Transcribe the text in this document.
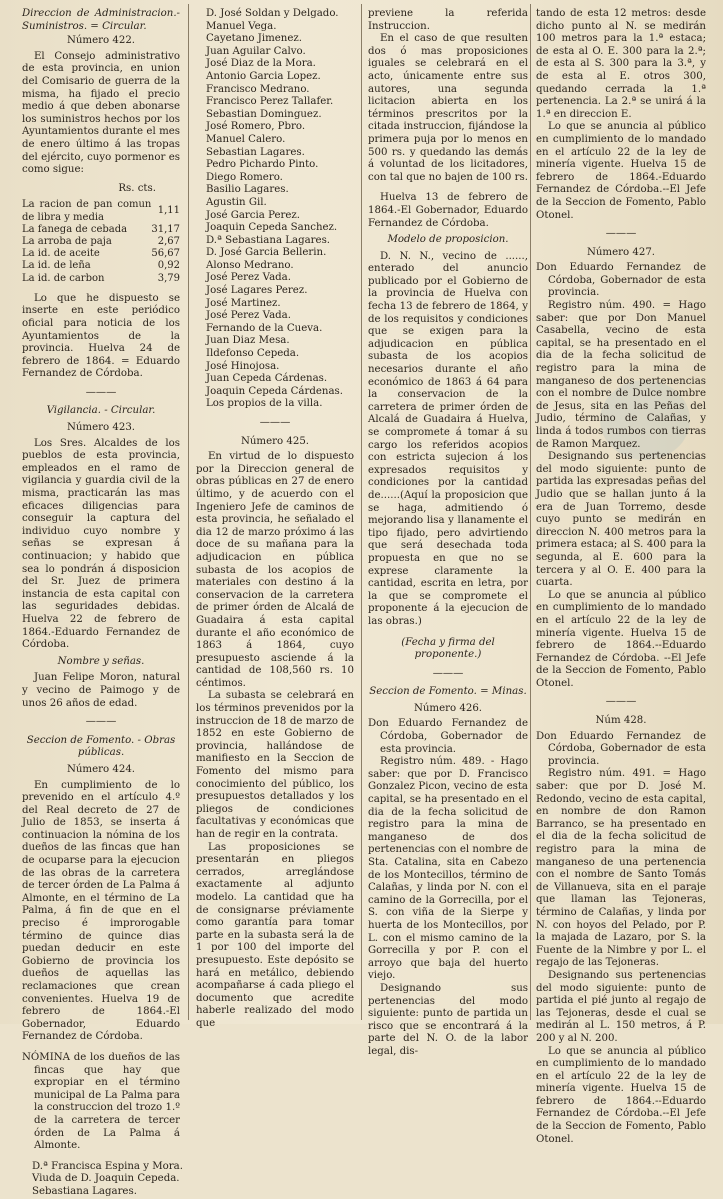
Direccion de Administracion.-Suministros. = Circular.

Número 422.

El Consejo administrativo de esta provincia, en union del Comisario de guerra de la misma, ha fijado el precio medio á que deben abonarse los suministros hechos por los Ayuntamientos durante el mes de enero último á las tropas del ejército, cuyo pormenor es como sigue:

Rs. cts.

La racion de pan comun de libra y media	1,11
La fanega de cebada	31,17
La arroba de paja	2,67
La id. de aceite	56,67
La id. de leña	0,92
La id. de carbon	3,79

Lo que he dispuesto se inserte en este periódico oficial para noticia de los Ayuntamientos de la provincia. Huelva 24 de febrero de 1864. = Eduardo Fernandez de Córdoba.

———

Vigilancia. - Circular.

Número 423.

Los Sres. Alcaldes de los pueblos de esta provincia, empleados en el ramo de vigilancia y guardia civil de la misma, practicarán las mas eficaces diligencias para conseguir la captura del individuo cuyo nombre y señas se expresan á continuacion; y habido que sea lo pondrán á disposicion del Sr. Juez de primera instancia de esta capital con las seguridades debidas. Huelva 22 de febrero de 1864.-Eduardo Fernandez de Córdoba.

Nombre y señas.

Juan Felipe Moron, natural y vecino de Paimogo y de unos 26 años de edad.

———

Seccion de Fomento. - Obras públicas.

Número 424.

En cumplimiento de lo prevenido en el artículo 4.º del Real decreto de 27 de Julio de 1853, se inserta á continuacion la nómina de los dueños de las fincas que han de ocuparse para la ejecucion de las obras de la carretera de tercer órden de La Palma á Almonte, en el término de La Palma, á fin de que en el preciso é improrogable término de quince dias puedan deducir en este Gobierno de provincia los dueños de aquellas las reclamaciones que crean convenientes. Huelva 19 de febrero de 1864.-El Gobernador, Eduardo Fernandez de Córdoba.

NÓMINA de los dueños de las fincas que hay que expropiar en el término municipal de La Palma para la construccion del trozo 1.º de la carretera de tercer órden de La Palma á Almonte.

D.ª Francisca Espina y Mora.

Viuda de D. Joaquin Cepeda.

Sebastiana Lagares.

D. José Soldan y Delgado.

Manuel Vega.

Cayetano Jimenez.

Juan Aguilar Calvo.

José Diaz de la Mora.

Antonio Garcia Lopez.

Francisco Medrano.

Francisco Perez Tallafer.

Sebastian Dominguez.

José Romero, Pbro.

Manuel Calero.

Sebastian Lagares.

Pedro Pichardo Pinto.

Diego Romero.

Basilio Lagares.

Agustin Gil.

José Garcia Perez.

Joaquin Cepeda Sanchez.

D.ª Sebastiana Lagares.

D. José Garcia Bellerin.

Alonso Medrano.

José Perez Vada.

José Lagares Perez.

José Martinez.

José Perez Vada.

Fernando de la Cueva.

Juan Diaz Mesa.

Ildefonso Cepeda.

José Hinojosa.

Juan Cepeda Cárdenas.

Joaquin Cepeda Cárdenas.

Los propios de la villa.

———

Número 425.

En virtud de lo dispuesto por la Direccion general de obras públicas en 27 de enero último, y de acuerdo con el Ingeniero Jefe de caminos de esta provincia, he señalado el dia 12 de marzo próximo á las doce de su mañana para la adjudicacion en pública subasta de los acopios de materiales con destino á la conservacion de la carretera de primer órden de Alcalá de Guadaira á esta capital durante el año económico de 1863 á 1864, cuyo presupuesto asciende á la cantidad de 108,560 rs. 10 céntimos.

La subasta se celebrará en los términos prevenidos por la instruccion de 18 de marzo de 1852 en este Gobierno de provincia, hallándose de manifiesto en la Seccion de Fomento del mismo para conocimiento del público, los presupuestos detallados y los pliegos de condiciones facultativas y económicas que han de regir en la contrata.

Las proposiciones se presentarán en pliegos cerrados, arreglándose exactamente al adjunto modelo. La cantidad que ha de consignarse préviamente como garantía para tomar parte en la subasta será la de 1 por 100 del importe del presupuesto. Este depósito se hará en metálico, debiendo acompañarse á cada pliego el documento que acredite haberle realizado del modo que

previene la referida Instruccion.

En el caso de que resulten dos ó mas proposiciones iguales se celebrará en el acto, únicamente entre sus autores, una segunda licitacion abierta en los términos prescritos por la citada instruccion, fijándose la primera puja por lo menos en 500 rs. y quedando las demás á voluntad de los licitadores, con tal que no bajen de 100 rs.

Huelva 13 de febrero de 1864.-El Gobernador, Eduardo Fernandez de Córdoba.

Modelo de proposicion.

D. N. N., vecino de ......, enterado del anuncio publicado por el Gobierno de la provincia de Huelva con fecha 13 de febrero de 1864, y de los requisitos y condiciones que se exigen para la adjudicacion en pública subasta de los acopios necesarios durante el año económico de 1863 á 64 para la conservacion de la carretera de primer órden de Alcalá de Guadaira á Huelva, se compromete á tomar á su cargo los referidos acopios con estricta sujecion á los expresados requisitos y condiciones por la cantidad de......(Aquí la proposicion que se haga, admitiendo ó mejorando lisa y llanamente el tipo fijado, pero advirtiendo que será desechada toda propuesta en que no se exprese claramente la cantidad, escrita en letra, por la que se compromete el proponente á la ejecucion de las obras.)

(Fecha y firma del proponente.)

———

Seccion de Fomento. = Minas.

Número 426.

Don Eduardo Fernandez de Córdoba, Gobernador de esta provincia.

Registro núm. 489. - Hago saber: que por D. Francisco Gonzalez Picon, vecino de esta capital, se ha presentado en el dia de la fecha solicitud de registro para la mina de manganeso de dos pertenencias con el nombre de Sta. Catalina, sita en Cabezo de los Montecillos, término de Calañas, y linda por N. con el camino de la Gorrecilla, por el S. con viña de la Sierpe y huerta de los Montecillos, por L. con el mismo camino de la Gorrecilla y por P. con el arroyo que baja del huerto viejo.

Designando sus pertenencias del modo siguiente: punto de partida un risco que se encontrará á la parte del N. O. de la labor legal, dis-

tando de esta 12 metros: desde dicho punto al N. se medirán 100 metros para la 1.ª estaca; de esta al O. E. 300 para la 2.ª; de esta al S. 300 para la 3.ª, y de esta al E. otros 300, quedando cerrada la 1.ª pertenencia. La 2.ª se unirá á la 1.ª en direccion E.

Lo que se anuncia al público en cumplimiento de lo mandado en el artículo 22 de la ley de minería vigente. Huelva 15 de febrero de 1864.-Eduardo Fernandez de Córdoba.--El Jefe de la Seccion de Fomento, Pablo Otonel.

———

Número 427.

Don Eduardo Fernandez de Córdoba, Gobernador de esta provincia.

Registro núm. 490. = Hago saber: que por Don Manuel Casabella, vecino de esta capital, se ha presentado en el dia de la fecha solicitud de registro para la mina de manganeso de dos pertenencias con el nombre de Dulce nombre de Jesus, sita en las Peñas del Judio, término de Calañas, y linda á todos rumbos con tierras de Ramon Marquez.

Designando sus pertenencias del modo siguiente: punto de partida las expresadas peñas del Judio que se hallan junto á la era de Juan Torremo, desde cuyo punto se medirán en direccion N. 400 metros para la primera estaca; al S. 400 para la segunda, al E. 600 para la tercera y al O. E. 400 para la cuarta.

Lo que se anuncia al público en cumplimiento de lo mandado en el artículo 22 de la ley de minería vigente. Huelva 15 de febrero de 1864.--Eduardo Fernandez de Córdoba. --El Jefe de la Seccion de Fomento, Pablo Otonel.

———

Núm 428.

Don Eduardo Fernandez de Córdoba, Gobernador de esta provincia.

Registro núm. 491. = Hago saber: que por D. José M. Redondo, vecino de esta capital, en nombre de don Ramon Barranco, se ha presentado en el dia de la fecha solicitud de registro para la mina de manganeso de una pertenencia con el nombre de Santo Tomás de Villanueva, sita en el paraje que llaman las Tejoneras, término de Calañas, y linda por N. con hoyos del Pelado, por P. la majada de Lazaro, por S. la Fuente de la Nimbre y por L. el regajo de las Tejoneras.

Designando sus pertenencias del modo siguiente: punto de partida el pié junto al regajo de las Tejoneras, desde el cual se medirán al L. 150 metros, á P. 200 y al N. 200.

Lo que se anuncia al público en cumplimiento de lo mandado en el artículo 22 de la ley de minería vigente. Huelva 15 de febrero de 1864.--Eduardo Fernandez de Córdoba.--El Jefe de la Seccion de Fomento, Pablo Otonel.
